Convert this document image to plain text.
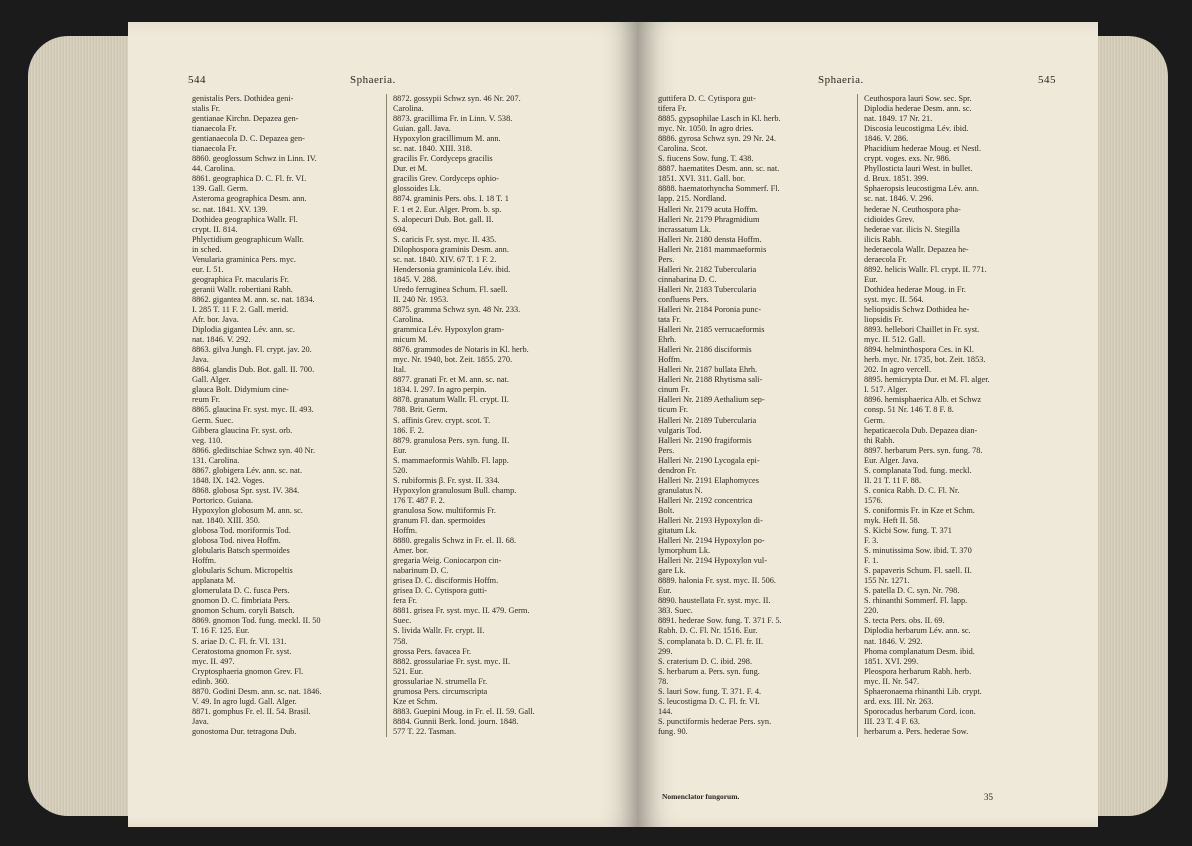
544	Sphaeria.
genistalis Pers. Dothidea geni-
stalis Fr.
gentianae Kirchn. Depazea gen-
tianaecola Fr.
gentianaecola D. C. Depazea gen-
tianaecola Fr.
8860. geoglossum Schwz in Linn. IV.
44. Carolina.
8861. geographica D. C. Fl. fr. VI.
139. Gall. Germ.
Asteroma geographica Desm. ann.
sc. nat. 1841. XV. 139.
Dothidea geographica Wallr. Fl.
crypt. II. 814.
Phlyctidium geographicum Wallr.
in sched.
Venularia graminica Pers. myc.
eur. I. 51.
geographica Fr. macularis Fr.
geranii Wallr. robertiani Rabh.
8862. gigantea M. ann. sc. nat. 1834.
I. 285 T. 11 F. 2. Gall. merid.
Afr. bor. Java.
Diplodia gigantea Lév. ann. sc.
nat. 1846. V. 292.
8863. gilva Jungh. Fl. crypt. jav. 20.
Java.
8864. glandis Dub. Bot. gall. II. 700.
Gall. Alger.
glauca Bolt. Didymium cine-
reum Fr.
8865. glaucina Fr. syst. myc. II. 493.
Germ. Suec.
Gibbera glaucina Fr. syst. orb.
veg. 110.
8866. gleditschiae Schwz syn. 40 Nr.
131. Carolina.
8867. globigera Lév. ann. sc. nat.
1848. IX. 142. Voges.
8868. globosa Spr. syst. IV. 384.
Portorico. Guiana.
Hypoxylon globosum M. ann. sc.
nat. 1840. XIII. 350.
globosa Tod. moriformis Tod.
globosa Tod. nivea Hoffm.
globularis Batsch spermoides
Hoffm.
globularis Schum. Micropeltis
applanata M.
glomerulata D. C. fusca Pers.
gnomon D. C. fimbriata Pers.
gnomon Schum. coryli Batsch.
8869. gnomon Tod. fung. meckl. II. 50
T. 16 F. 125. Eur.
S. ariae D. C. Fl. fr. VI. 131.
Ceratostoma gnomon Fr. syst.
myc. II. 497.
Cryptosphaeria gnomon Grev. Fl.
edinb. 360.
8870. Godini Desm. ann. sc. nat. 1846.
V. 49. In agro lugd. Gall. Alger.
8871. gomphus Fr. el. II. 54. Brasil.
Java.
gonostoma Dur. tetragona Dub.
8872. gossypii Schwz syn. 46 Nr. 207.
Carolina.
8873. gracillima Fr. in Linn. V. 538.
Guian. gall. Java.
Hypoxylon gracillimum M. ann.
sc. nat. 1840. XIII. 318.
gracilis Fr. Cordyceps gracilis
Dur. et M.
gracilis Grev. Cordyceps ophio-
glossoides Lk.
8874. graminis Pers. obs. I. 18 T. 1
F. 1 et 2. Eur. Alger. Prom. b. sp.
S. alopecuri Dub. Bot. gall. II.
694.
S. caricis Fr. syst. myc. II. 435.
Dilophospora graminis Desm. ann.
sc. nat. 1840. XIV. 67 T. 1 F. 2.
Hendersonia graminicola Lév. ibid.
1845. V. 288.
Uredo ferruginea Schum. Fl. saell.
II. 240 Nr. 1953.
8875. gramma Schwz syn. 48 Nr. 233.
Carolina.
grammica Lév. Hypoxylon gram-
micum M.
8876. grammodes de Notaris in Kl. herb.
myc. Nr. 1940, bot. Zeit. 1855. 270.
Ital.
8877. granati Fr. et M. ann. sc. nat.
1834. I. 297. In agro perpin.
8878. granatum Wallr. Fl. crypt. II.
788. Brit. Germ.
S. affinis Grev. crypt. scot. T.
186. F. 2.
8879. granulosa Pers. syn. fung. II.
Eur.
S. mammaeformis Wahlb. Fl. lapp.
520.
S. rubiformis β. Fr. syst. II. 334.
Hypoxylon granulosum Bull. champ.
176 T. 487 F. 2.
granulosa Sow. multiformis Fr.
granum Fl. dan. spermoides
Hoffm.
8880. gregalis Schwz in Fr. el. II. 68.
Amer. bor.
gregaria Weig. Coniocarpon cin-
nabarinum D. C.
grisea D. C. disciformis Hoffm.
grisea D. C. Cytispora gutti-
fera Fr.
8881. grisea Fr. syst. myc. II. 479. Germ.
Suec.
S. livida Wallr. Fr. crypt. II.
758.
grossa Pers. favacea Fr.
8882. grossulariae Fr. syst. myc. II.
521. Eur.
grossulariae N. strumella Fr.
grumosa Pers. circumscripta
Kze et Schm.
8883. Guepini Moug. in Fr. el. II. 59. Gall.
8884. Gunnii Berk. lond. journ. 1848.
577 T. 22. Tasman.
Sphaeria.	545
guttifera D. C. Cytispora gut-
tifera Fr.
8885. gypsophilae Lasch in Kl. herb.
myc. Nr. 1050. In agro dries.
8886. gyrosa Schwz syn. 29 Nr. 24.
Carolina. Scot.
S. fiucens Sow. fung. T. 438.
8887. haematites Desm. ann. sc. nat.
1851. XVI. 311. Gall. bor.
8888. haematorhyncha Sommerf. Fl.
lapp. 215. Nordland.
Halleri Nr. 2179 acuta Hoffm.
Halleri Nr. 2179 Phragmidium
incrassatum Lk.
Halleri Nr. 2180 densta Hoffm.
Halleri Nr. 2181 mammaeformis
Pers.
Halleri Nr. 2182 Tubercularia
cinnabarina D. C.
Halleri Nr. 2183 Tubercularia
confluens Pers.
Halleri Nr. 2184 Poronia punc-
tata Fr.
Halleri Nr. 2185 verrucaeformis
Ehrh.
Halleri Nr. 2186 disciformis
Hoffm.
Halleri Nr. 2187 bullata Ehrh.
Halleri Nr. 2188 Rhytisma sali-
cinum Fr.
Halleri Nr. 2189 Aethalium sep-
ticum Fr.
Halleri Nr. 2189 Tubercularia
vulgaris Tod.
Halleri Nr. 2190 fragiformis
Pers.
Halleri Nr. 2190 Lycogala epi-
dendron Fr.
Halleri Nr. 2191 Elaphomyces
granulatus N.
Halleri Nr. 2192 concentrica
Bolt.
Halleri Nr. 2193 Hypoxylon di-
gitatum Lk.
Halleri Nr. 2194 Hypoxylon po-
lymorphum Lk.
Halleri Nr. 2194 Hypoxylon vul-
gare Lk.
8889. halonia Fr. syst. myc. II. 506.
Eur.
8890. haustellata Fr. syst. myc. II.
383. Suec.
8891. hederae Sow. fung. T. 371 F. 5.
Rabh. D. C. Fl. Nr. 1516. Eur.
S. complanata b. D. C. Fl. fr. II.
299.
S. craterium D. C. ibid. 298.
S. herbarum a. Pers. syn. fung.
78.
S. lauri Sow. fung. T. 371. F. 4.
S. leucostigma D. C. Fl. fr. VI.
144.
S. punctiformis hederae Pers. syn.
fung. 90.
Ceuthospora lauri Sow. sec. Spr.
Diplodia hederae Desm. ann. sc.
nat. 1849. 17 Nr. 21.
Discosia leucostigma Lév. ibid.
1846. V. 286.
Phacidium hederae Moug. et Nestl.
crypt. voges. exs. Nr. 986.
Phyllosticta lauri West. in bullet.
d. Brux. 1851. 399.
Sphaeropsis leucostigma Lév. ann.
sc. nat. 1846. V. 296.
hederae N. Ceuthospora pha-
cidioides Grev.
hederae var. ilicis N. Stegilla
ilicis Rabh.
hederaecola Wallr. Depazea he-
deraecola Fr.
8892. helicis Wallr. Fl. crypt. II. 771.
Eur.
Dothidea hederae Moug. in Fr.
syst. myc. II. 564.
heliopsidis Schwz Dothidea he-
liopsidis Fr.
8893. hellebori Chaillet in Fr. syst.
myc. II. 512. Gall.
8894. helminthospora Ces. in Kl.
herb. myc. Nr. 1735, bot. Zeit. 1853.
202. In agro vercell.
8895. hemicrypta Dur. et M. Fl. alger.
I. 517. Alger.
8896. hemisphaerica Alb. et Schwz
consp. 51 Nr. 146 T. 8 F. 8.
Germ.
hepaticaecola Dub. Depazea dian-
thi Rabh.
8897. herbarum Pers. syn. fung. 78.
Eur. Alger. Java.
S. complanata Tod. fung. meckl.
II. 21 T. 11 F. 88.
S. conica Rabh. D. C. Fl. Nr.
1576.
S. coniformis Fr. in Kze et Schm.
myk. Heft II. 58.
S. Kicbi Sow. fung. T. 371
F. 3.
S. minutissima Sow. ibid. T. 370
F. 1.
S. papaveris Schum. Fl. saell. II.
155 Nr. 1271.
S. patella D. C. syn. Nr. 798.
S. rhinanthi Sommerf. Fl. lapp.
220.
S. tecta Pers. obs. II. 69.
Diplodia herbarum Lév. ann. sc.
nat. 1846. V. 292.
Phoma complanatum Desm. ibid.
1851. XVI. 299.
Pleospora herbarum Rabh. herb.
myc. II. Nr. 547.
Sphaeronaema rhinanthi Lib. crypt.
ard. exs. III. Nr. 263.
Sporocadus herbarum Cord. icon.
III. 23 T. 4 F. 63.
herbarum a. Pers. hederae Sow.
Nomenclator fungorum.	35
